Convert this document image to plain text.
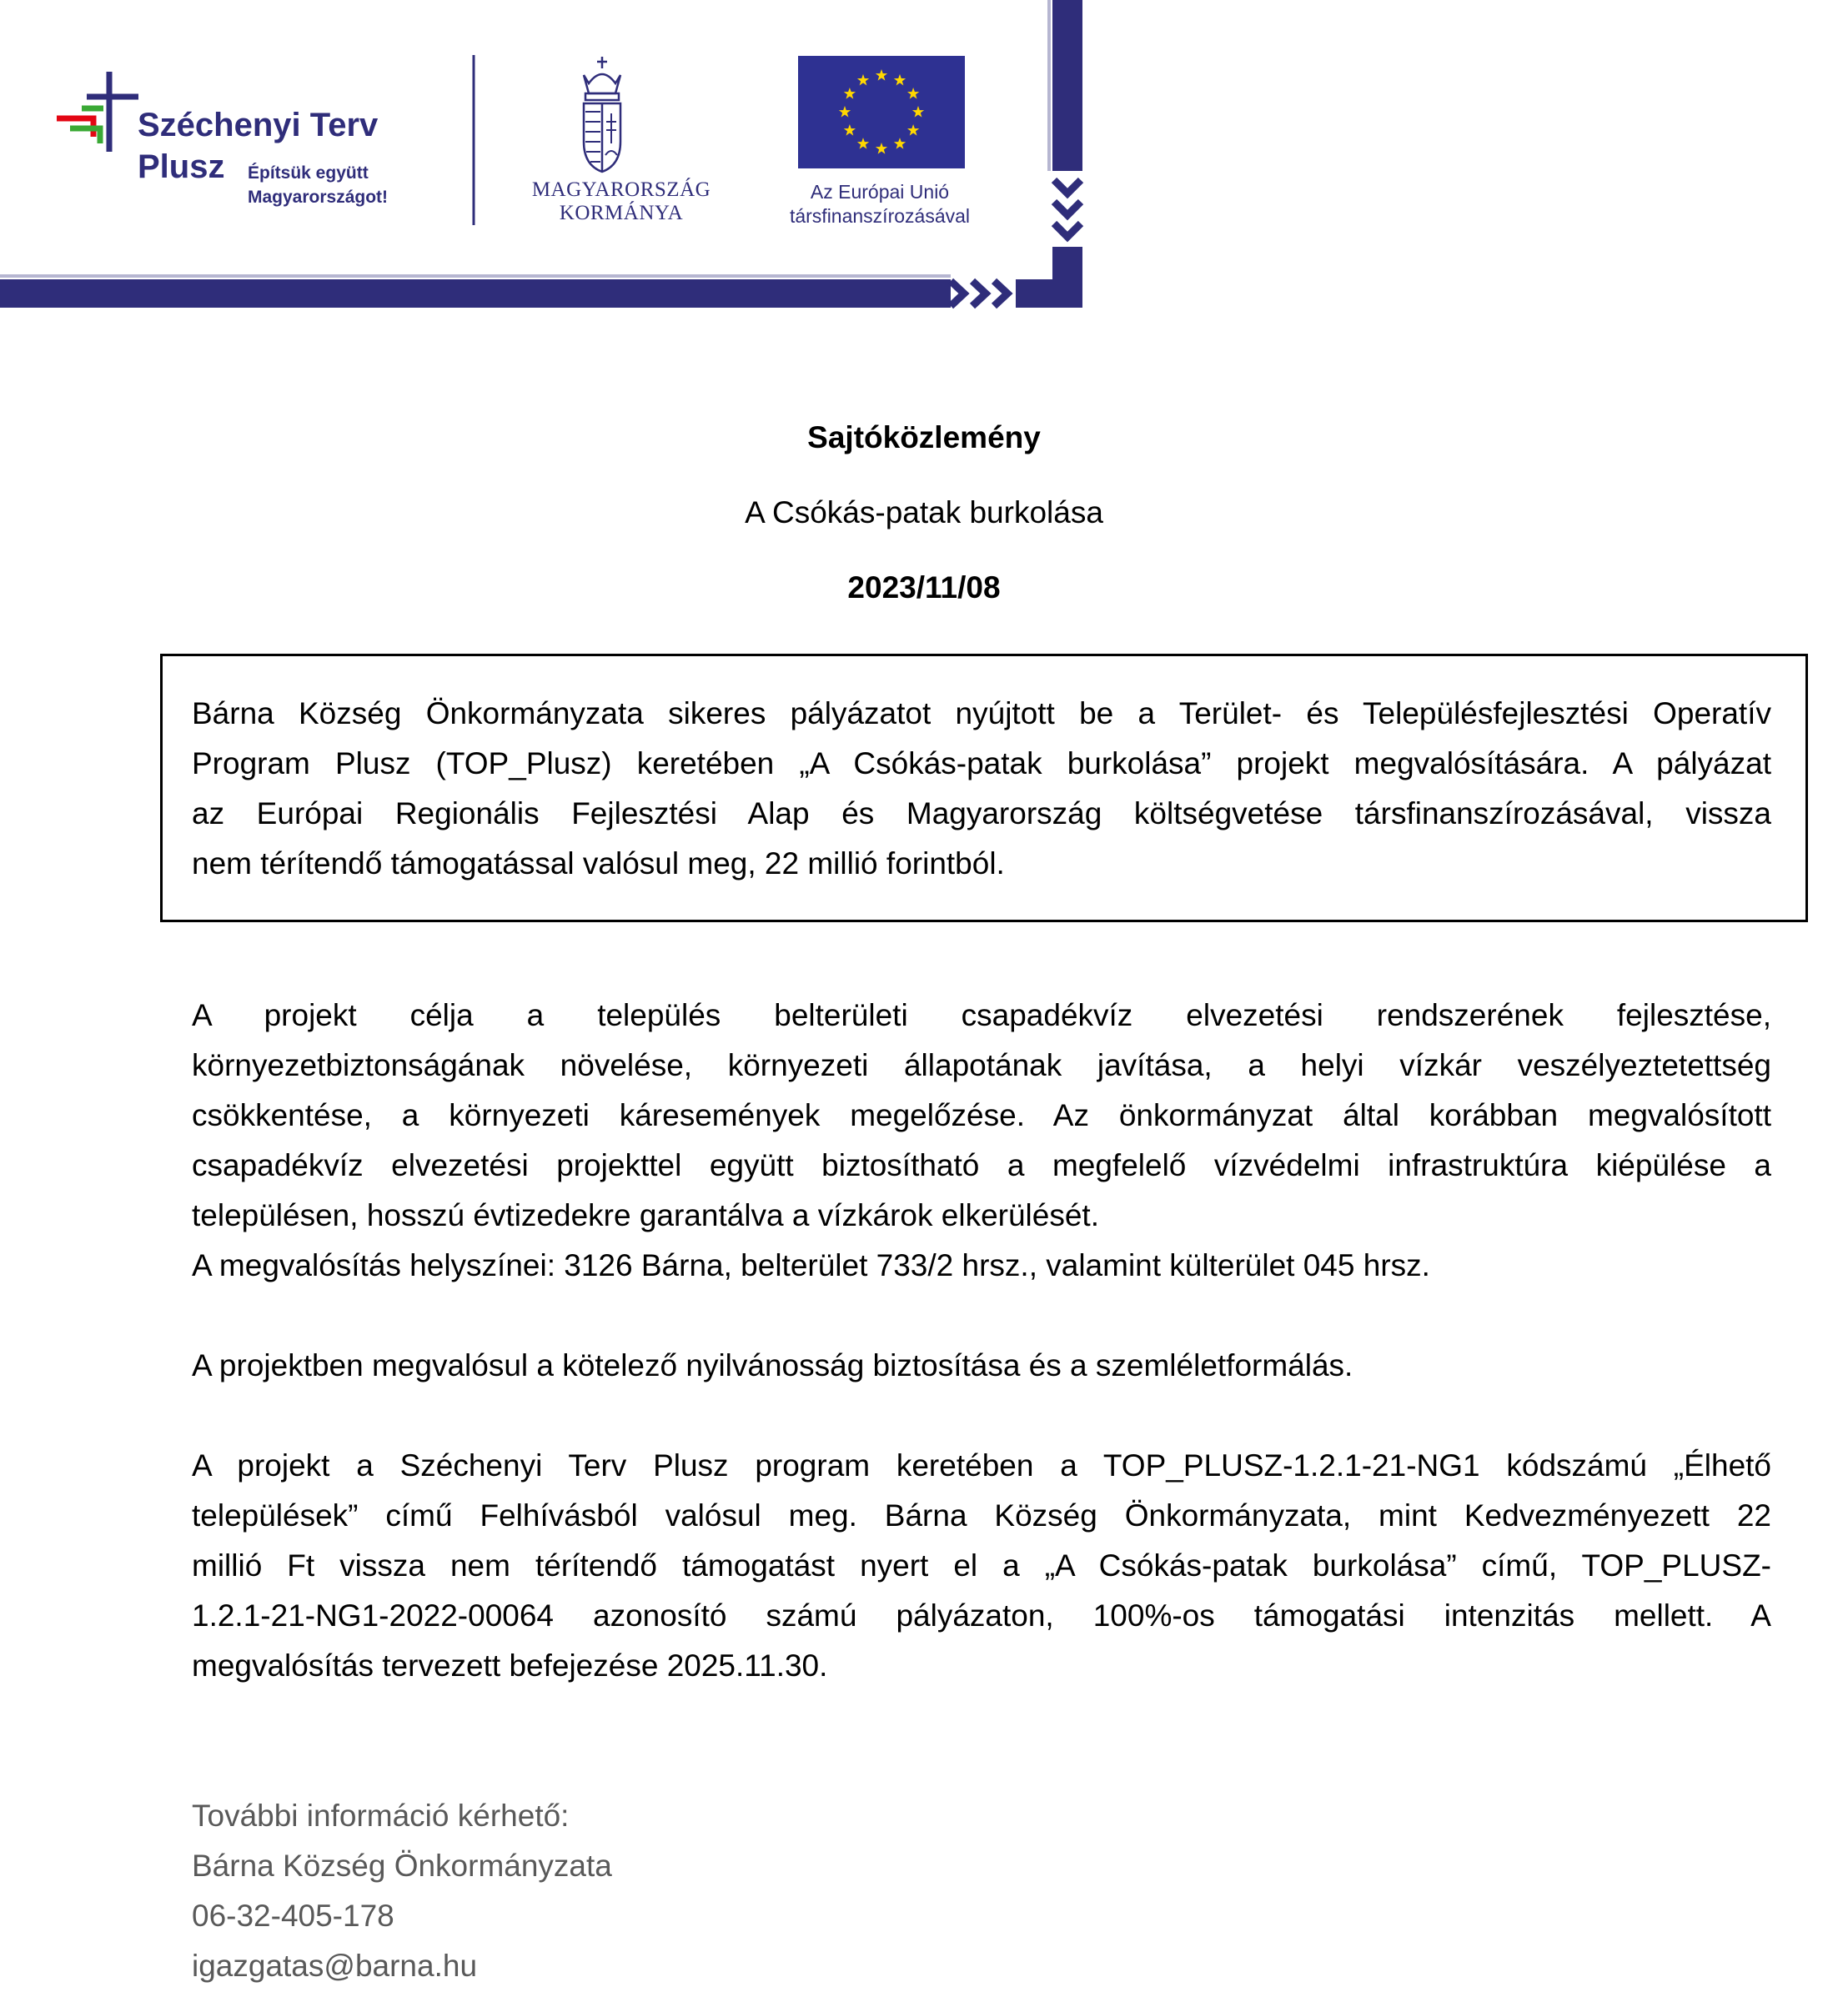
Széchenyi Terv
Plusz Építsük együtt
Magyarországot!	MAGYARORSZÁG
KORMÁNYA
Az Európai Unió
társfinanszírozásával
Sajtóközlemény
A Csókás-patak burkolása
2023/11/08
Bárna Község Önkormányzata sikeres pályázatot nyújtott be a Terület- és Településfejlesztési Operatív
Program Plusz (TOP_Plusz) keretében „A Csókás-patak burkolása” projekt megvalósítására. A pályázat
az Európai Regionális Fejlesztési Alap és Magyarország költségvetése társfinanszírozásával, vissza
nem térítendő támogatással valósul meg, 22 millió forintból.
A projekt célja a település belterületi csapadékvíz elvezetési rendszerének fejlesztése,
környezetbiztonságának növelése, környezeti állapotának javítása, a helyi vízkár veszélyeztetettség
csökkentése, a környezeti káresemények megelőzése. Az önkormányzat által korábban megvalósított
csapadékvíz elvezetési projekttel együtt biztosítható a megfelelő vízvédelmi infrastruktúra kiépülése a
településen, hosszú évtizedekre garantálva a vízkárok elkerülését.
A megvalósítás helyszínei: 3126 Bárna, belterület 733/2 hrsz., valamint külterület 045 hrsz.
A projektben megvalósul a kötelező nyilvánosság biztosítása és a szemléletformálás.
A projekt a Széchenyi Terv Plusz program keretében a TOP_PLUSZ-1.2.1-21-NG1 kódszámú „Élhető
települések” című Felhívásból valósul meg. Bárna Község Önkormányzata, mint Kedvezményezett 22
millió Ft vissza nem térítendő támogatást nyert el a „A Csókás-patak burkolása” című, TOP_PLUSZ-
1.2.1-21-NG1-2022-00064 azonosító számú pályázaton, 100%-os támogatási intenzitás mellett. A
megvalósítás tervezett befejezése 2025.11.30.
További információ kérhető:
Bárna Község Önkormányzata
06-32-405-178
igazgatas@barna.hu
